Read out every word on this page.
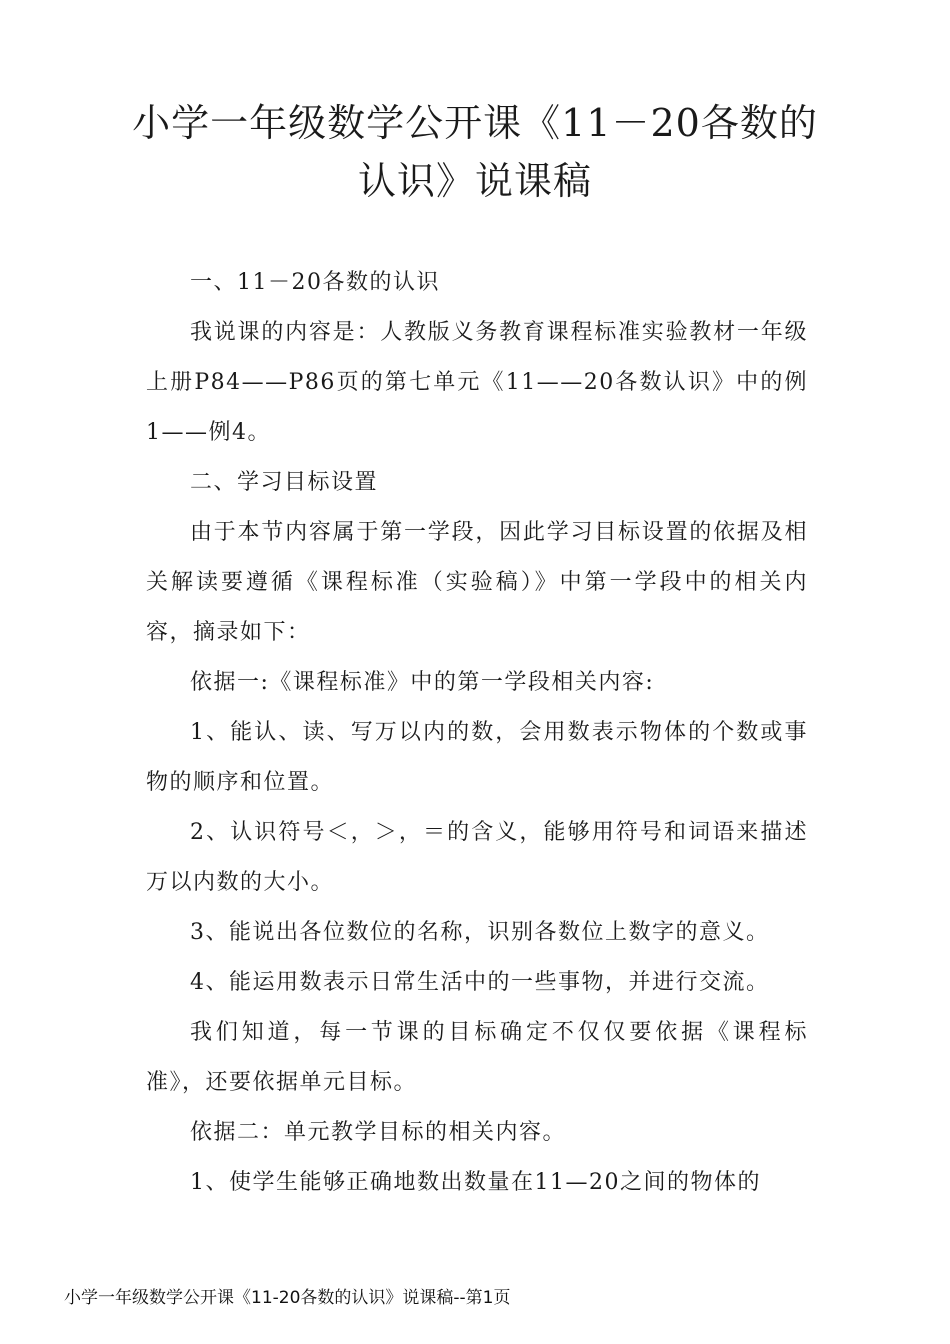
小学一年级数学公开课《11－20各数的认识》说课稿

一、11－20各数的认识

我说课的内容是：人教版义务教育课程标准实验教材一年级上册P84——P86页的第七单元《11——20各数认识》中的例1——例4。

二、学习目标设置

由于本节内容属于第一学段，因此学习目标设置的依据及相关解读要遵循《课程标准（实验稿）》中第一学段中的相关内容，摘录如下：

依据一:《课程标准》中的第一学段相关内容:

1、能认、读、写万以内的数，会用数表示物体的个数或事物的顺序和位置。

2、认识符号＜，＞，＝的含义，能够用符号和词语来描述万以内数的大小。

3、能说出各位数位的名称，识别各数位上数字的意义。

4、能运用数表示日常生活中的一些事物，并进行交流。

我们知道，每一节课的目标确定不仅仅要依据《课程标准》，还要依据单元目标。

依据二：单元教学目标的相关内容。

1、使学生能够正确地数出数量在11—20之间的物体的

小学一年级数学公开课《11-20各数的认识》说课稿--第1页
